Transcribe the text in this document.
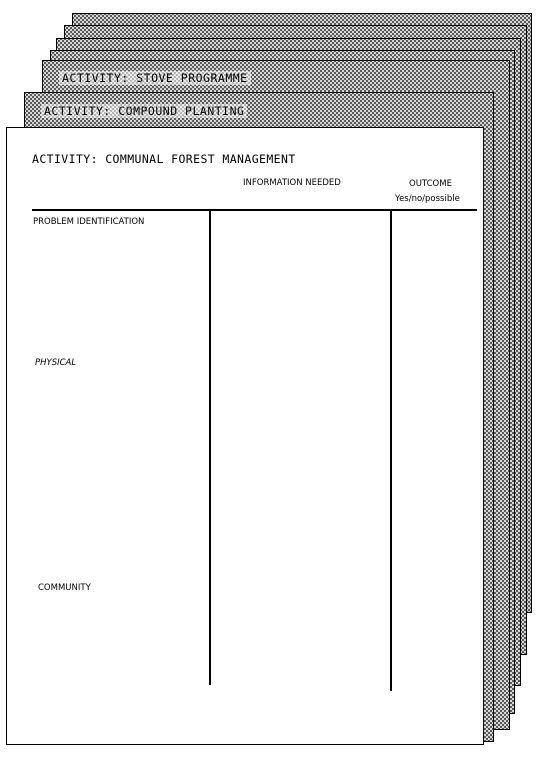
ACTIVITY: STOVE PROGRAMME
ACTIVITY: COMPOUND PLANTING
ACTIVITY: COMMUNAL FOREST MANAGEMENT
INFORMATION NEEDED	OUTCOME
Yes/no/possible
PROBLEM IDENTIFICATION
PHYSICAL
COMMUNITY
